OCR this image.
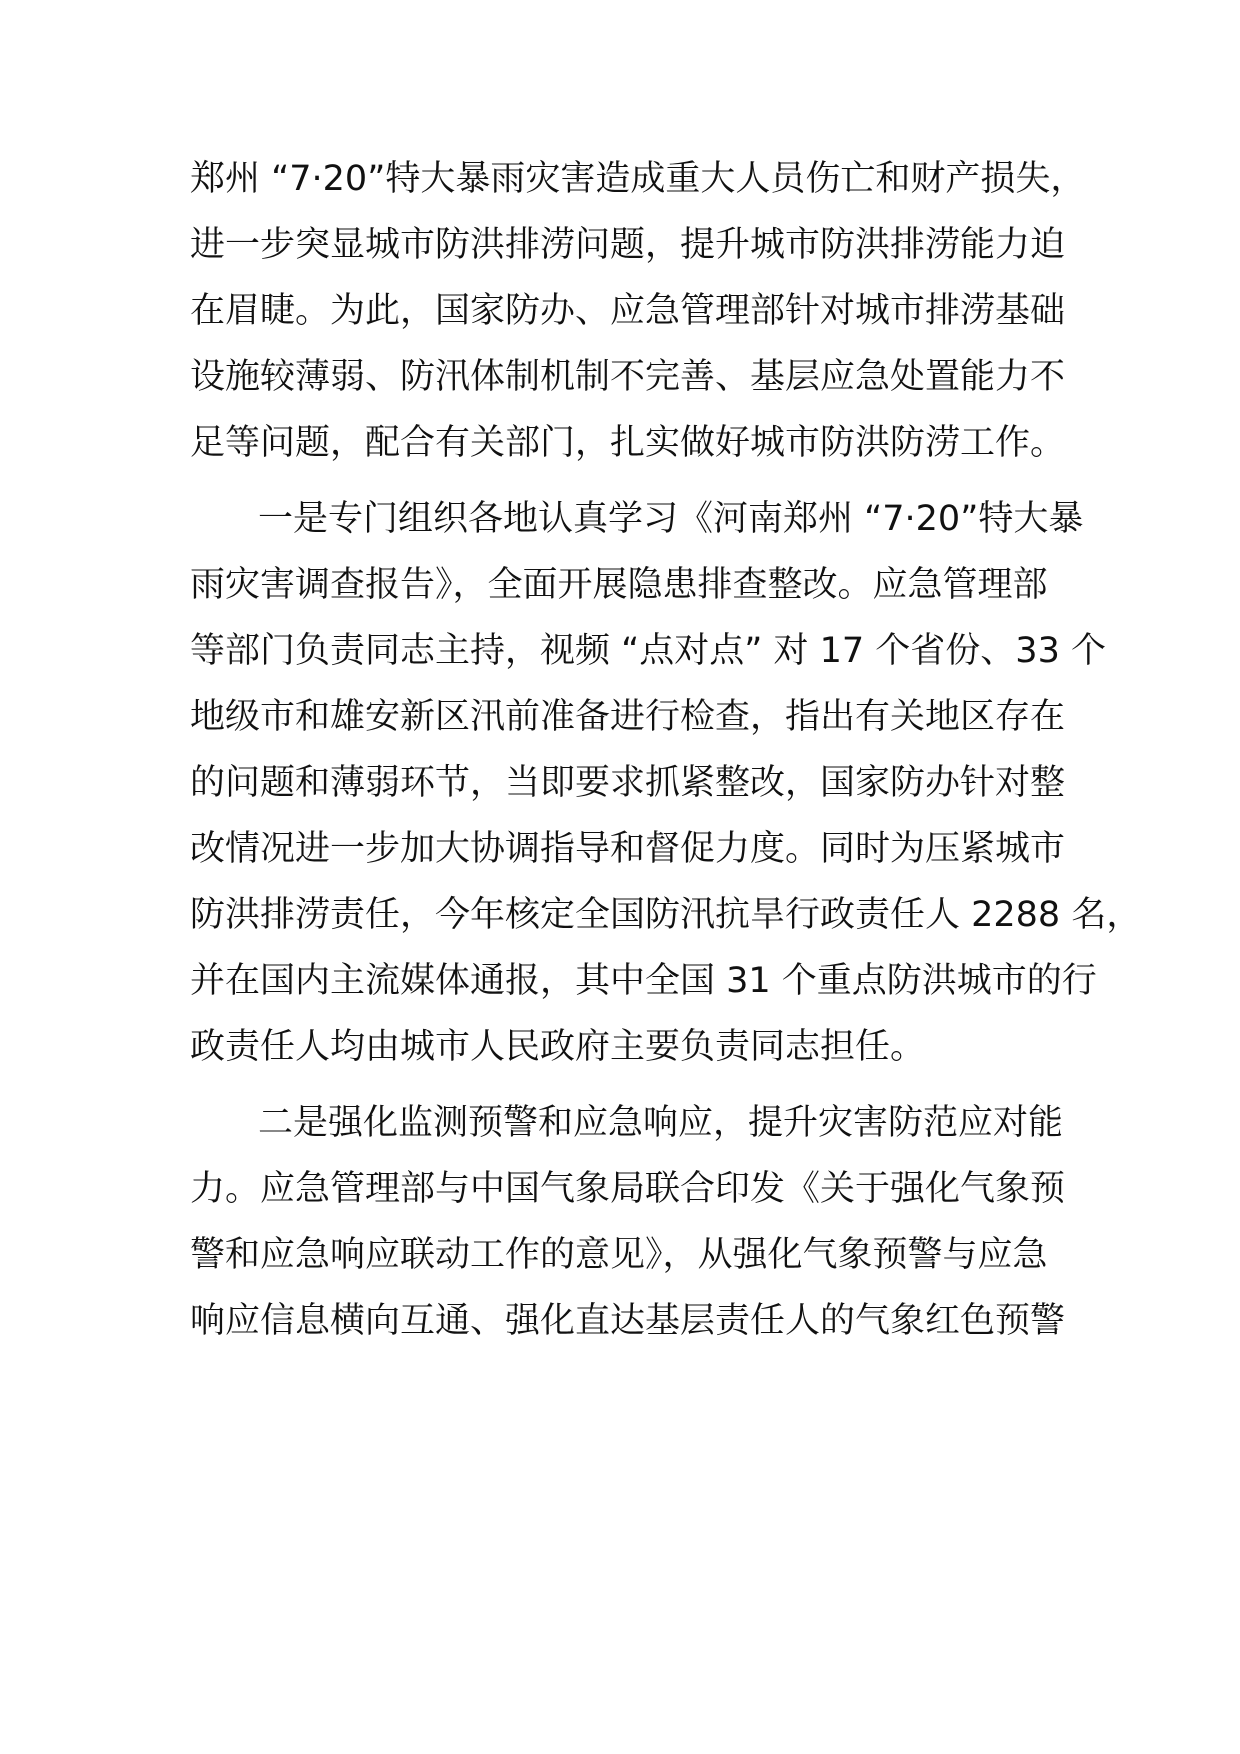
郑州 “7·20”特大暴雨灾害造成重大人员伤亡和财产损失，
进一步突显城市防洪排涝问题，提升城市防洪排涝能力迫
在眉睫。为此，国家防办、应急管理部针对城市排涝基础
设施较薄弱、防汛体制机制不完善、基层应急处置能力不
足等问题，配合有关部门，扎实做好城市防洪防涝工作。
一是专门组织各地认真学习《河南郑州 “7·20”特大暴
雨灾害调查报告》，全面开展隐患排查整改。应急管理部
等部门负责同志主持，视频 “点对点” 对 17 个省份、33 个
地级市和雄安新区汛前准备进行检查，指出有关地区存在
的问题和薄弱环节，当即要求抓紧整改，国家防办针对整
改情况进一步加大协调指导和督促力度。同时为压紧城市
防洪排涝责任，今年核定全国防汛抗旱行政责任人 2288 名，
并在国内主流媒体通报，其中全国 31 个重点防洪城市的行
政责任人均由城市人民政府主要负责同志担任。
二是强化监测预警和应急响应，提升灾害防范应对能
力。应急管理部与中国气象局联合印发《关于强化气象预
警和应急响应联动工作的意见》，从强化气象预警与应急
响应信息横向互通、强化直达基层责任人的气象红色预警
